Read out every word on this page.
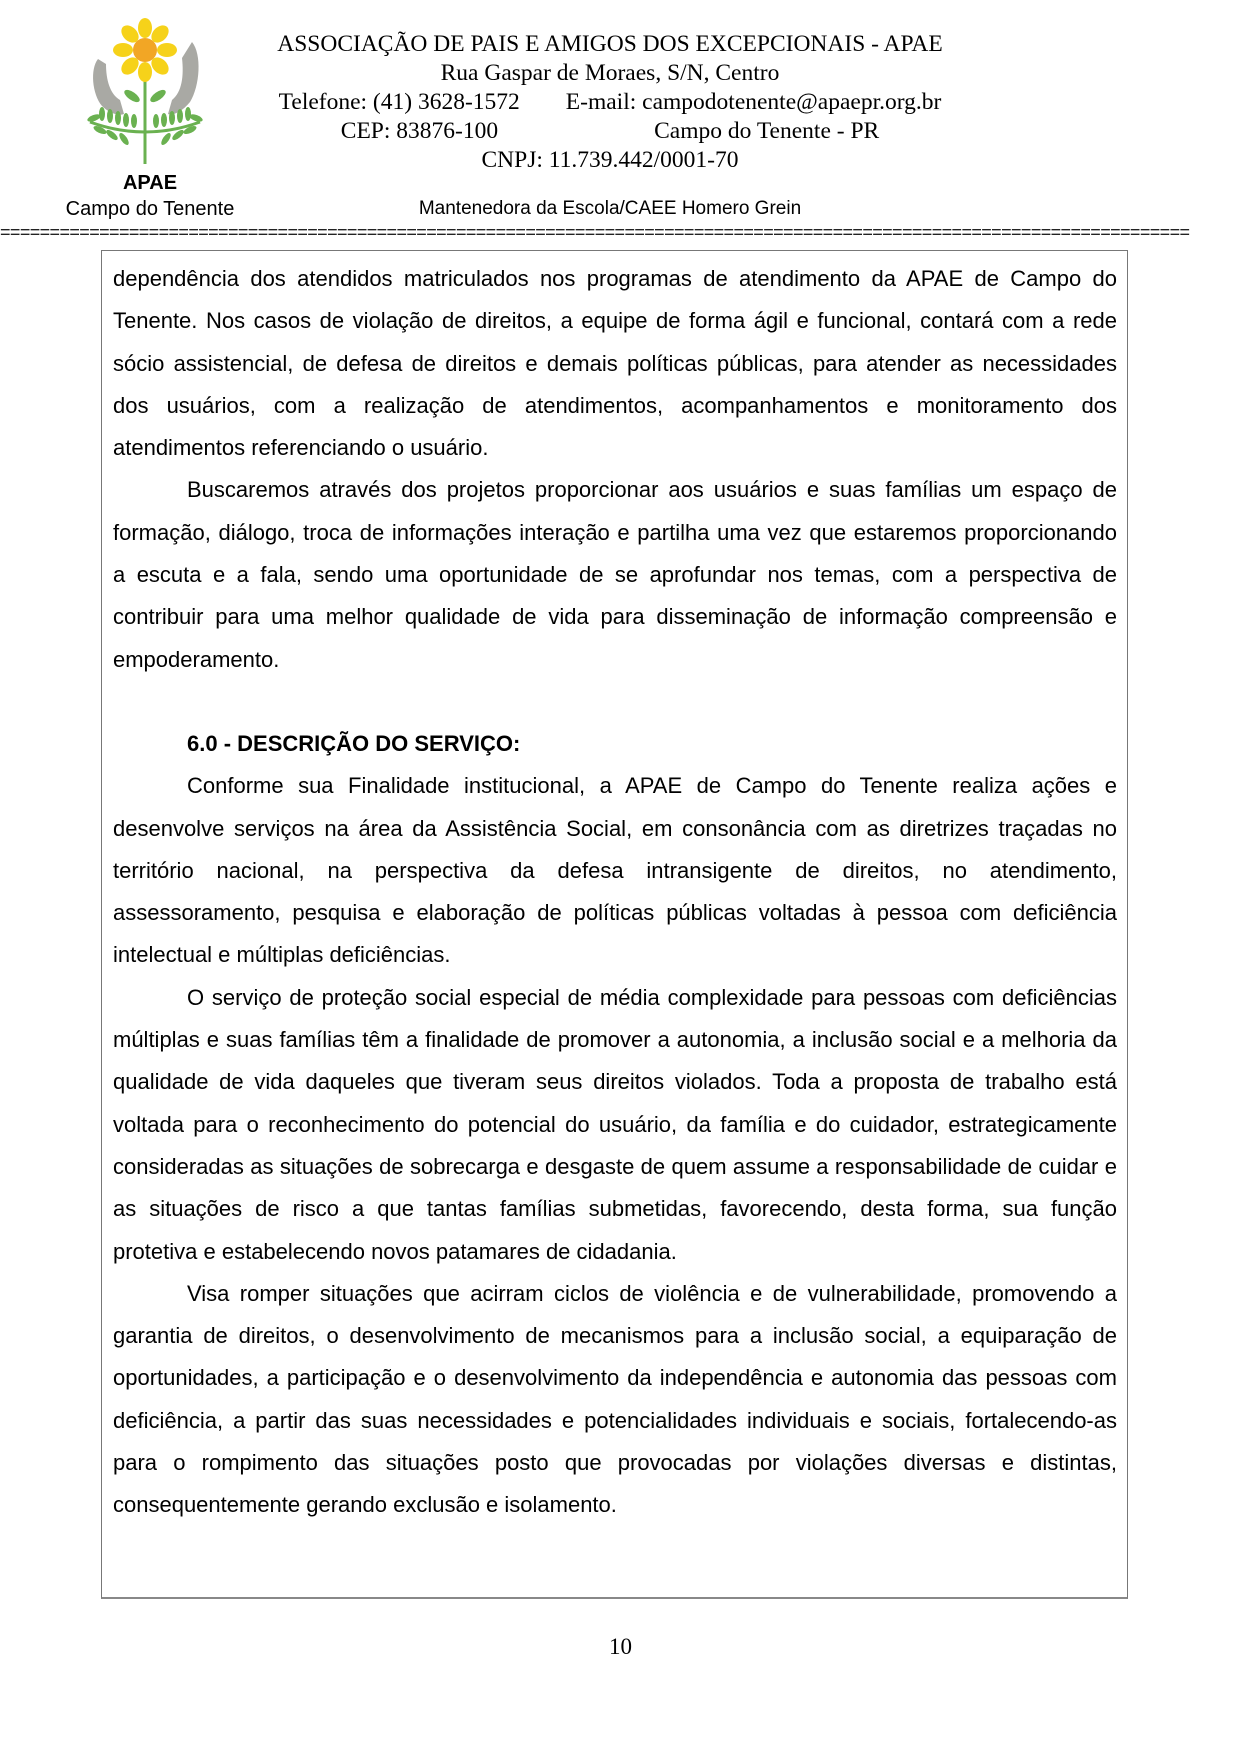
APAE
Campo do Tenente
ASSOCIAÇÃO DE PAIS E AMIGOS DOS EXCEPCIONAIS - APAE
Rua Gaspar de Moraes, S/N, Centro
Telefone: (41) 3628-1572 E-mail: campodotenente@apaepr.org.br
CEP: 83876-100	Campo do Tenente - PR
CNPJ: 11.739.442/0001-70
Mantenedora da Escola/CAEE Homero Grein
========================================================================================================================

dependência dos atendidos matriculados nos programas de atendimento da APAE de Campo do Tenente. Nos casos de violação de direitos, a equipe de forma ágil e funcional, contará com a rede sócio assistencial, de defesa de direitos e demais políticas públicas, para atender as necessidades dos usuários, com a realização de atendimentos, acompanhamentos e monitoramento dos atendimentos referenciando o usuário.

Buscaremos através dos projetos proporcionar aos usuários e suas famílias um espaço de formação, diálogo, troca de informações interação e partilha uma vez que estaremos proporcionando a escuta e a fala, sendo uma oportunidade de se aprofundar nos temas, com a perspectiva de contribuir para uma melhor qualidade de vida para disseminação de informação compreensão e empoderamento.

6.0 - DESCRIÇÃO DO SERVIÇO:

Conforme sua Finalidade institucional, a APAE de Campo do Tenente realiza ações e desenvolve serviços na área da Assistência Social, em consonância com as diretrizes traçadas no território nacional, na perspectiva da defesa intransigente de direitos, no atendimento, assessoramento, pesquisa e elaboração de políticas públicas voltadas à pessoa com deficiência intelectual e múltiplas deficiências.

O serviço de proteção social especial de média complexidade para pessoas com deficiências múltiplas e suas famílias têm a finalidade de promover a autonomia, a inclusão social e a melhoria da qualidade de vida daqueles que tiveram seus direitos violados. Toda a proposta de trabalho está voltada para o reconhecimento do potencial do usuário, da família e do cuidador, estrategicamente consideradas as situações de sobrecarga e desgaste de quem assume a responsabilidade de cuidar e as situações de risco a que tantas famílias submetidas, favorecendo, desta forma, sua função protetiva e estabelecendo novos patamares de cidadania.

Visa romper situações que acirram ciclos de violência e de vulnerabilidade, promovendo a garantia de direitos, o desenvolvimento de mecanismos para a inclusão social, a equiparação de oportunidades, a participação e o desenvolvimento da independência e autonomia das pessoas com deficiência, a partir das suas necessidades e potencialidades individuais e sociais, fortalecendo-as para o rompimento das situações posto que provocadas por violações diversas e distintas, consequentemente gerando exclusão e isolamento.

10
